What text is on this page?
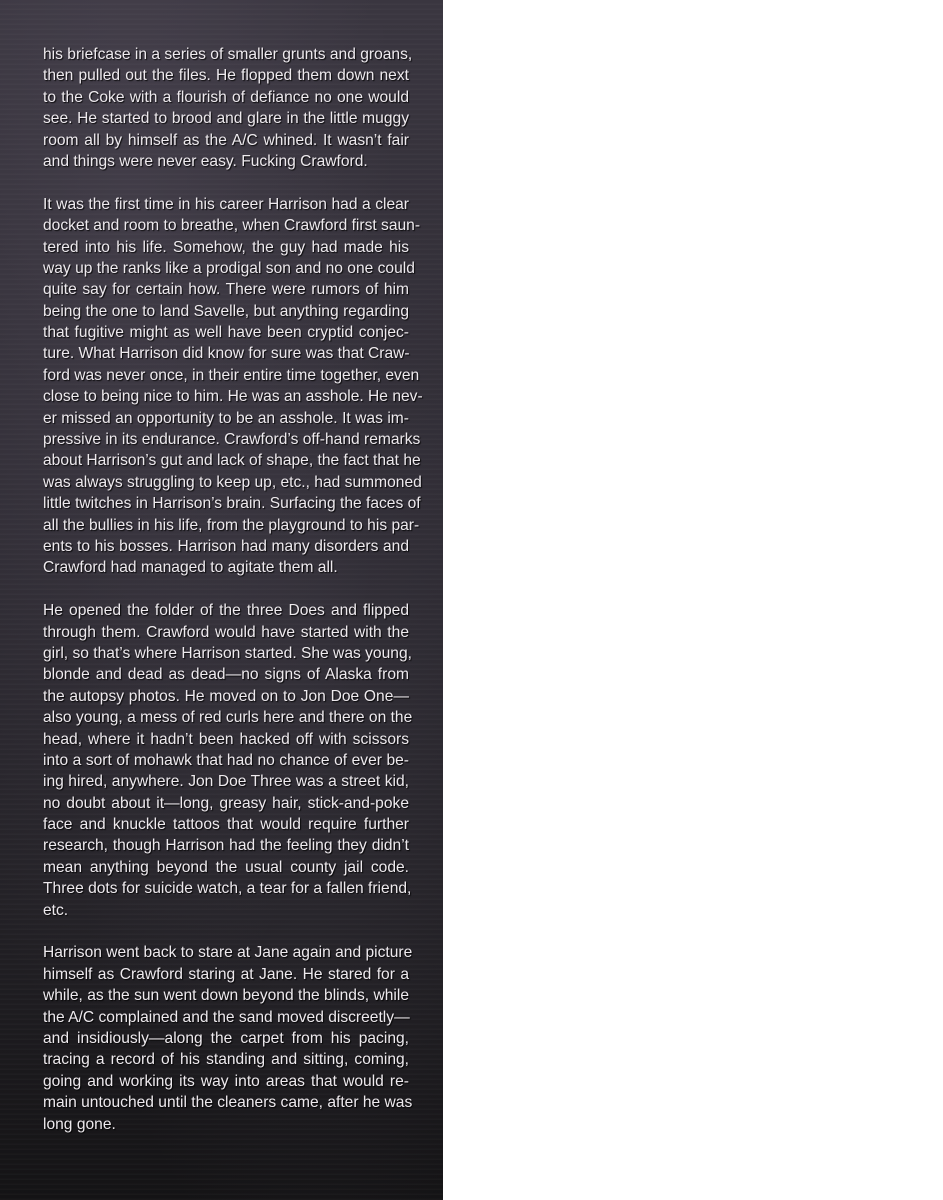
his briefcase in a series of smaller grunts and groans,
then pulled out the files. He flopped them down next
to the Coke with a flourish of defiance no one would
see. He started to brood and glare in the little muggy
room all by himself as the A/C whined. It wasn’t fair
and things were never easy. Fucking Crawford.
It was the first time in his career Harrison had a clear
docket and room to breathe, when Crawford first saun-
tered into his life. Somehow, the guy had made his
way up the ranks like a prodigal son and no one could
quite say for certain how. There were rumors of him
being the one to land Savelle, but anything regarding
that fugitive might as well have been cryptid conjec-
ture. What Harrison did know for sure was that Craw-
ford was never once, in their entire time together, even
close to being nice to him. He was an asshole. He nev-
er missed an opportunity to be an asshole. It was im-
pressive in its endurance. Crawford’s off-hand remarks
about Harrison’s gut and lack of shape, the fact that he
was always struggling to keep up, etc., had summoned
little twitches in Harrison’s brain. Surfacing the faces of
all the bullies in his life, from the playground to his par-
ents to his bosses. Harrison had many disorders and
Crawford had managed to agitate them all.
He opened the folder of the three Does and flipped
through them. Crawford would have started with the
girl, so that’s where Harrison started. She was young,
blonde and dead as dead—no signs of Alaska from
the autopsy photos. He moved on to Jon Doe One—
also young, a mess of red curls here and there on the
head, where it hadn’t been hacked off with scissors
into a sort of mohawk that had no chance of ever be-
ing hired, anywhere. Jon Doe Three was a street kid,
no doubt about it—long, greasy hair, stick-and-poke
face and knuckle tattoos that would require further
research, though Harrison had the feeling they didn’t
mean anything beyond the usual county jail code.
Three dots for suicide watch, a tear for a fallen friend,
etc.
Harrison went back to stare at Jane again and picture
himself as Crawford staring at Jane. He stared for a
while, as the sun went down beyond the blinds, while
the A/C complained and the sand moved discreetly—
and insidiously—along the carpet from his pacing,
tracing a record of his standing and sitting, coming,
going and working its way into areas that would re-
main untouched until the cleaners came, after he was
long gone.
